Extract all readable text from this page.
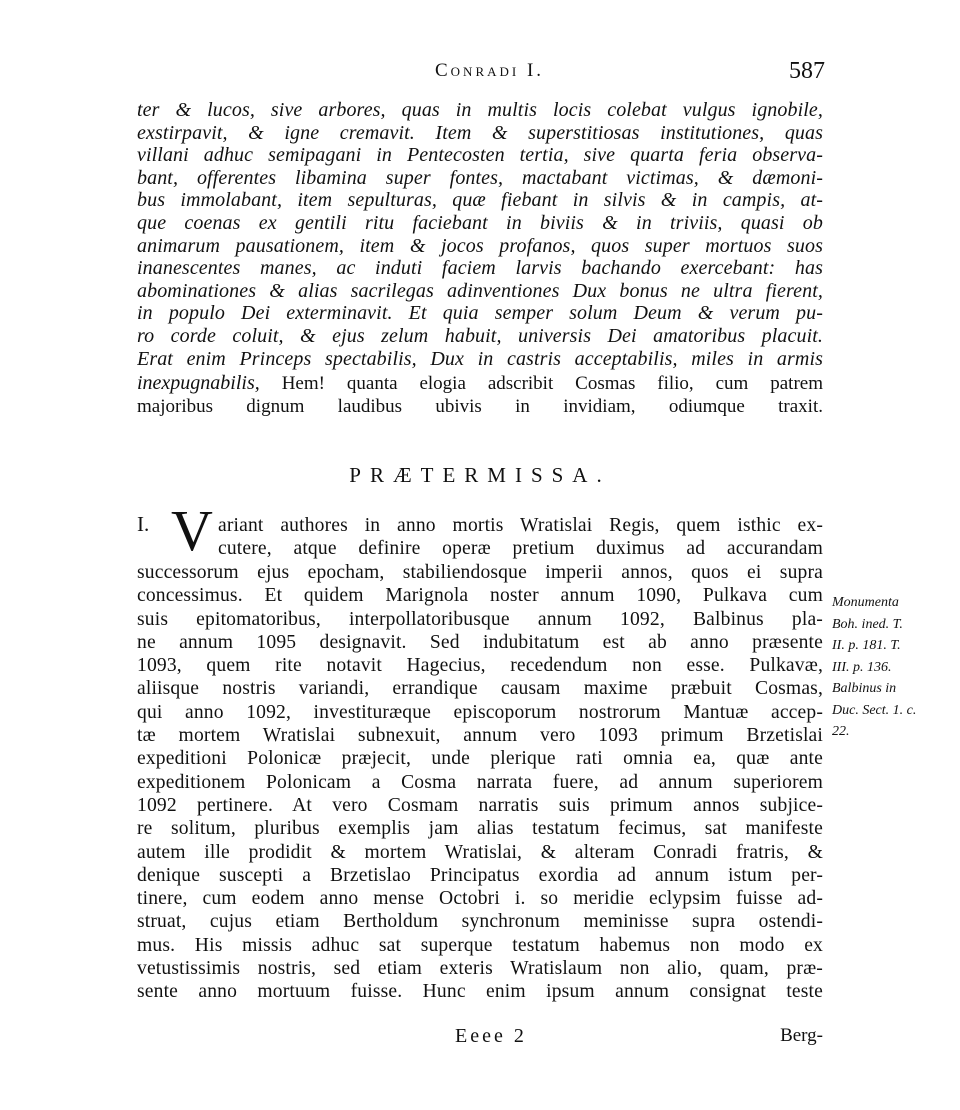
Conradi I.	587
ter & lucos, sive arbores, quas in multis locis colebat vulgus ignobile,
exstirpavit, & igne cremavit. Item & superstitiosas institutiones, quas
villani adhuc semipagani in Pentecosten tertia, sive quarta feria observa-
bant, offerentes libamina super fontes, mactabant victimas, & dæmoni-
bus immolabant, item sepulturas, quæ fiebant in silvis & in campis, at-
que coenas ex gentili ritu faciebant in biviis & in triviis, quasi ob
animarum pausationem, item & jocos profanos, quos super mortuos suos
inanescentes manes, ac induti faciem larvis bachando exercebant: has
abominationes & alias sacrilegas adinventiones Dux bonus ne ultra fierent,
in populo Dei exterminavit. Et quia semper solum Deum & verum pu-
ro corde coluit, & ejus zelum habuit, universis Dei amatoribus placuit.
Erat enim Princeps spectabilis, Dux in castris acceptabilis, miles in armis
inexpugnabilis, Hem! quanta elogia adscribit Cosmas filio, cum patrem
majoribus dignum laudibus ubivis in invidiam, odiumque traxit.
PRÆTERMISSA.
I. V ariant authores in anno mortis Wratislai Regis, quem isthic ex-
cutere, atque definire operæ pretium duximus ad accurandam
successorum ejus epocham, stabiliendosque imperii annos, quos ei supra
concessimus. Et quidem Marignola noster annum 1090, Pulkava cum
suis epitomatoribus, interpollatoribusque annum 1092, Balbinus pla-
ne annum 1095 designavit. Sed indubitatum est ab anno præsente
1093, quem rite notavit Hagecius, recedendum non esse. Pulkavæ,
aliisque nostris variandi, errandique causam maxime præbuit Cosmas,
qui anno 1092, investituræque episcoporum nostrorum Mantuæ accep-
tæ mortem Wratislai subnexuit, annum vero 1093 primum Brzetislai
expeditioni Polonicæ præjecit, unde plerique rati omnia ea, quæ ante
expeditionem Polonicam a Cosma narrata fuere, ad annum superiorem
1092 pertinere. At vero Cosmam narratis suis primum annos subjice-
re solitum, pluribus exemplis jam alias testatum fecimus, sat manifeste
autem ille prodidit & mortem Wratislai, & alteram Conradi fratris, &
denique suscepti a Brzetislao Principatus exordia ad annum istum per-
tinere, cum eodem anno mense Octobri i. so meridie eclypsim fuisse ad-
struat, cujus etiam Bertholdum synchronum meminisse supra ostendi-
mus. His missis adhuc sat superque testatum habemus non modo ex
vetustissimis nostris, sed etiam exteris Wratislaum non alio, quam, præ-
sente anno mortuum fuisse. Hunc enim ipsum annum consignat teste
Monumenta
Boh. ined. T.
II. p. 181. T.
III. p. 136.
Balbinus in
Duc. Sect. 1. c.
22.
Eeee 2	Berg-
